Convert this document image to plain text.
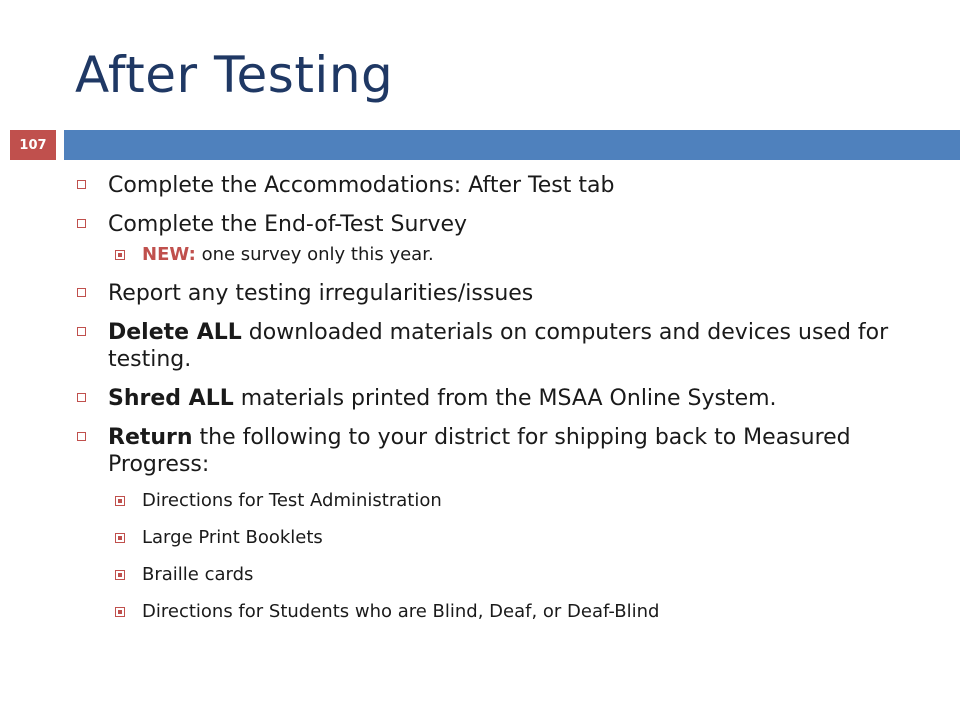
After Testing
107
Complete the Accommodations: After Test tab
Complete the End-of-Test Survey
NEW: one survey only this year.
Report any testing irregularities/issues
Delete ALL downloaded materials on computers and devices used for testing.
Shred ALL materials printed from the MSAA Online System.
Return the following to your district for shipping back to Measured Progress:
Directions for Test Administration
Large Print Booklets
Braille cards
Directions for Students who are Blind, Deaf, or Deaf-Blind
